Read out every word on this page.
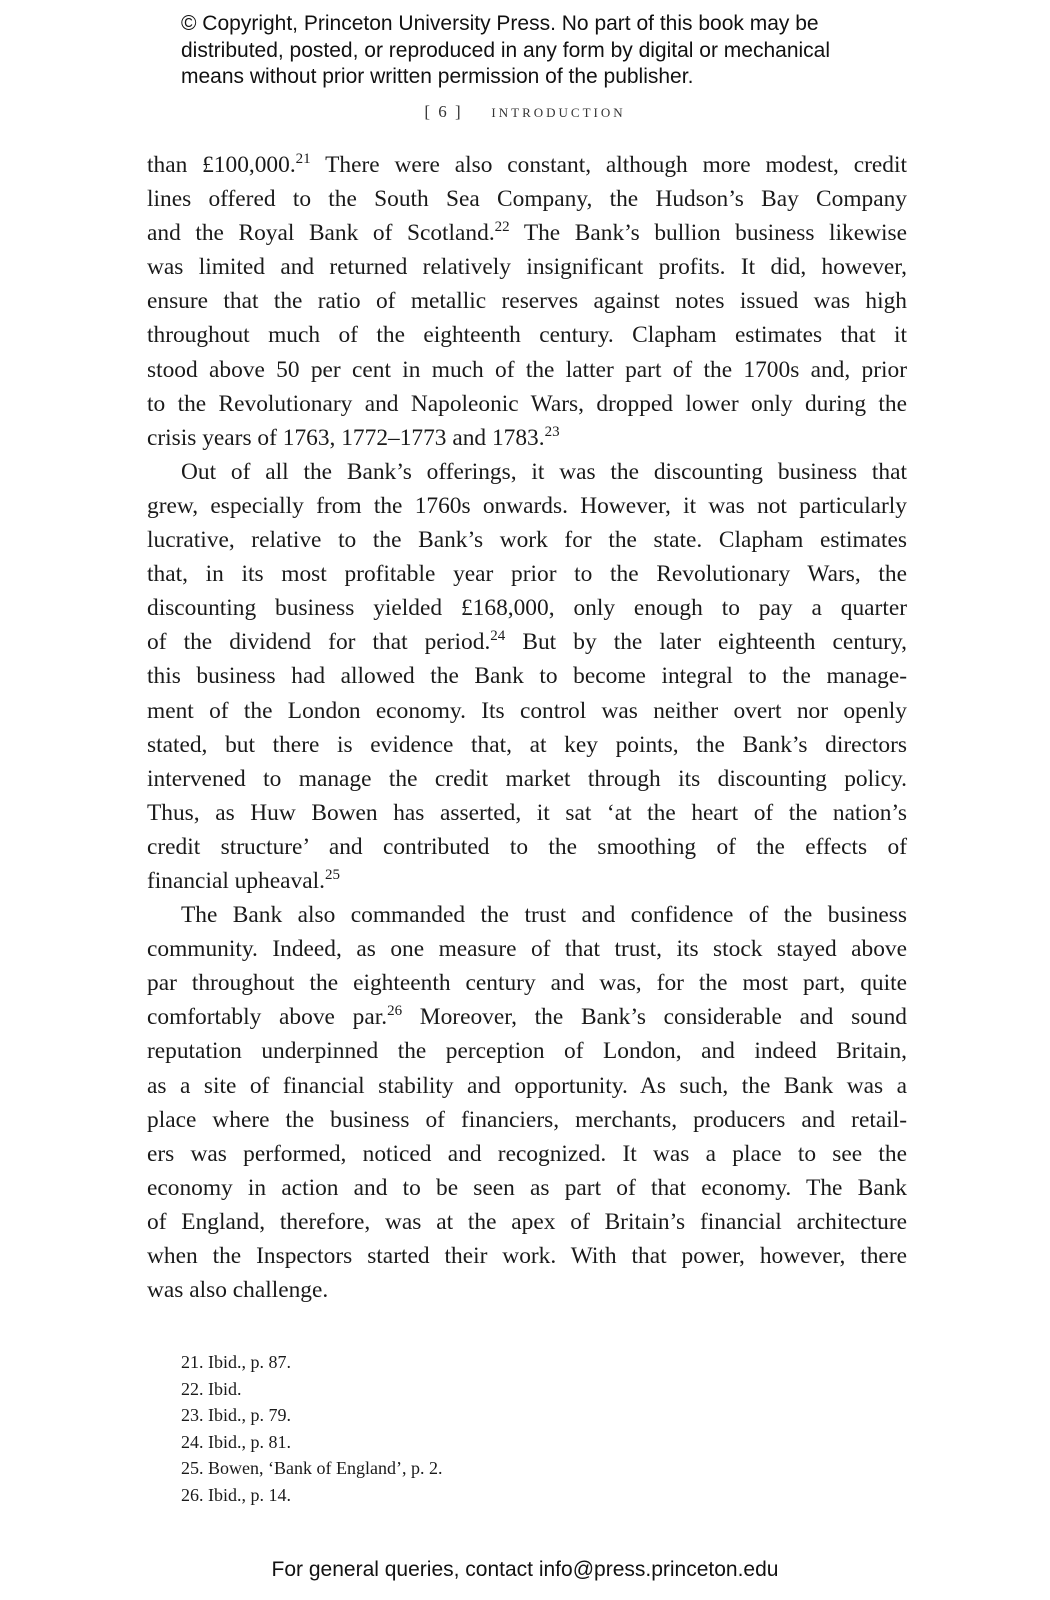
© Copyright, Princeton University Press. No part of this book may be

distributed, posted, or reproduced in any form by digital or mechanical

means without prior written permission of the publisher.

[ 6 ] introduction
than £100,000.21 There were also constant, although more modest, credit
lines offered to the South Sea Company, the Hudson’s Bay Company
and the Royal Bank of Scotland.$^{22}$ The Bank’s bullion business likewise
was limited and returned relatively insignificant profits. It did, however,
ensure that the ratio of metallic reserves against notes issued was high
throughout much of the eighteenth century. Clapham estimates that it
stood above 50 per cent in much of the latter part of the 1700s and, prior
to the Revolutionary and Napoleonic Wars, dropped lower only during the
crisis years of 1763, 1772–1773 and 1783.23
Out of all the Bank’s offerings, it was the discounting business that
grew, especially from the 1760s onwards. However, it was not particularly
lucrative, relative to the Bank’s work for the state. Clapham estimates
that, in its most profitable year prior to the Revolutionary Wars, the
discounting business yielded £168,000, only enough to pay a quarter
of the dividend for that period.$^{24}$ But by the later eighteenth century,
this business had allowed the Bank to become integral to the manage-
ment of the London economy. Its control was neither overt nor openly
stated, but there is evidence that, at key points, the Bank’s directors
intervened to manage the credit market through its discounting policy.
Thus, as Huw Bowen has asserted, it sat ‘at the heart of the nation’s
credit structure’ and contributed to the smoothing of the effects of
financial upheaval.$^{25}$
The Bank also commanded the trust and confidence of the business
community. Indeed, as one measure of that trust, its stock stayed above
par throughout the eighteenth century and was, for the most part, quite
comfortably above par.$^{26}$ Moreover, the Bank’s considerable and sound
reputation underpinned the perception of London, and indeed Britain,
as a site of financial stability and opportunity. As such, the Bank was a
place where the business of financiers, merchants, producers and retail-
ers was performed, noticed and recognized. It was a place to see the
economy in action and to be seen as part of that economy. The Bank
of England, therefore, was at the apex of Britain’s financial architecture
when the Inspectors started their work. With that power, however, there
was also challenge.
21. Ibid., p. 87.
22. Ibid.
23. Ibid., p. 79.
24. Ibid., p. 81.
25. Bowen, ‘Bank of England’, p. 2.
26. Ibid., p. 14.
For general queries, contact info@press.princeton.edu
